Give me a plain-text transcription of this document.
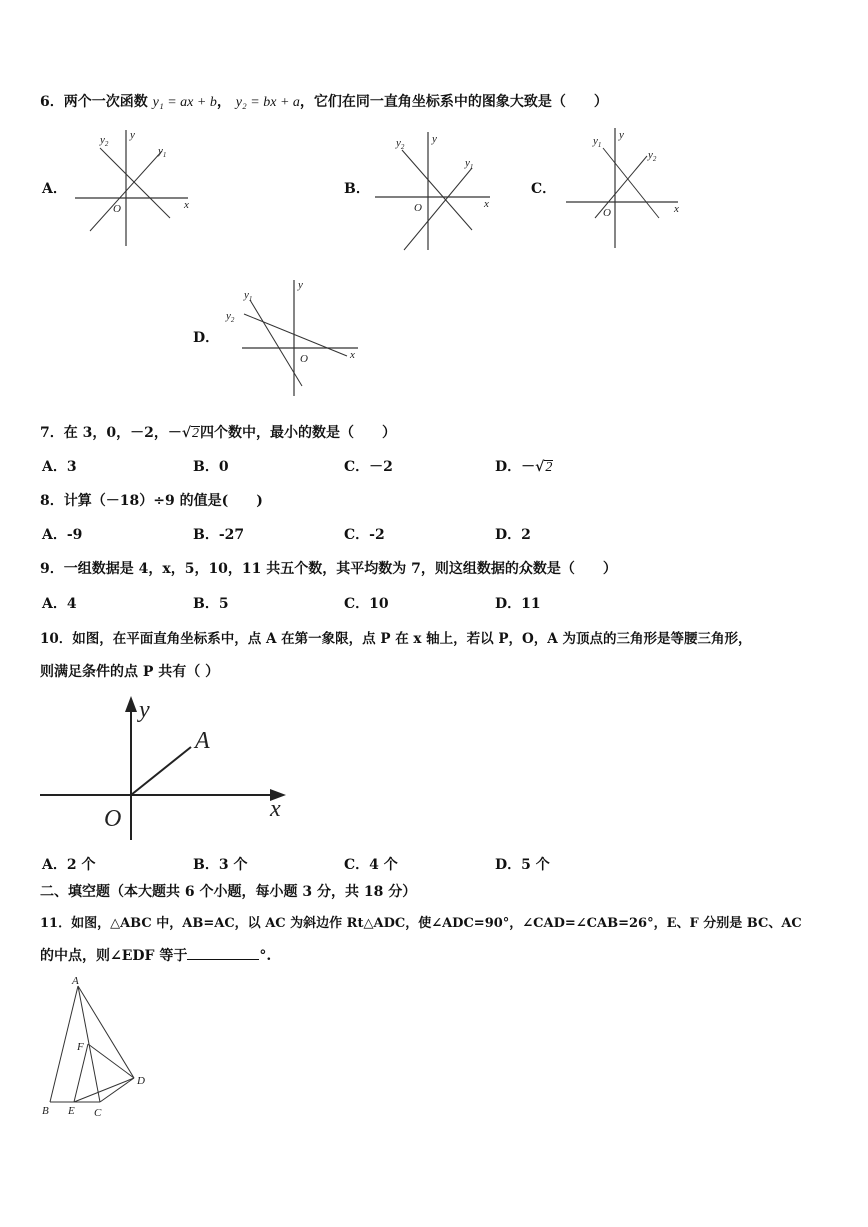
6．两个一次函数 y₁ = ax + b， y₂ = bx + a，它们在同一直角坐标系中的图象大致是（　　）
A．	B．	C．
D．
x
y
O
$y_2$
$y_1$
x
y
O
$y_2$
$y_1$
x
y
O
$y_1$
$y_2$
x
y
O
$y_1$
$y_2$
7．在 3，0，－2，－√2四个数中，最小的数是（　　）
A．3	B．0	C．－2	D．－√2
8．计算（－18）÷9 的值是(　　)
A．-9	B．-27	C．-2	D．2
9．一组数据是 4，x，5，10，11 共五个数，其平均数为 7，则这组数据的众数是（　　）
A．4	B．5	C．10	D．11
10．如图，在平面直角坐标系中，点 A 在第一象限，点 P 在 x 轴上，若以 P，O，A 为顶点的三角形是等腰三角形，
则满足条件的点 P 共有（ ）
y
x
O
A
A．2 个	B．3 个	C．4 个	D．5 个
二、填空题（本大题共 6 个小题，每小题 3 分，共 18 分）
11．如图，△ABC 中，AB=AC，以 AC 为斜边作 Rt△ADC，使∠ADC=90°，∠CAD=∠CAB=26°，E、F 分别是 BC、AC
的中点，则∠EDF 等于	°.
A
B	C
D
E
F
